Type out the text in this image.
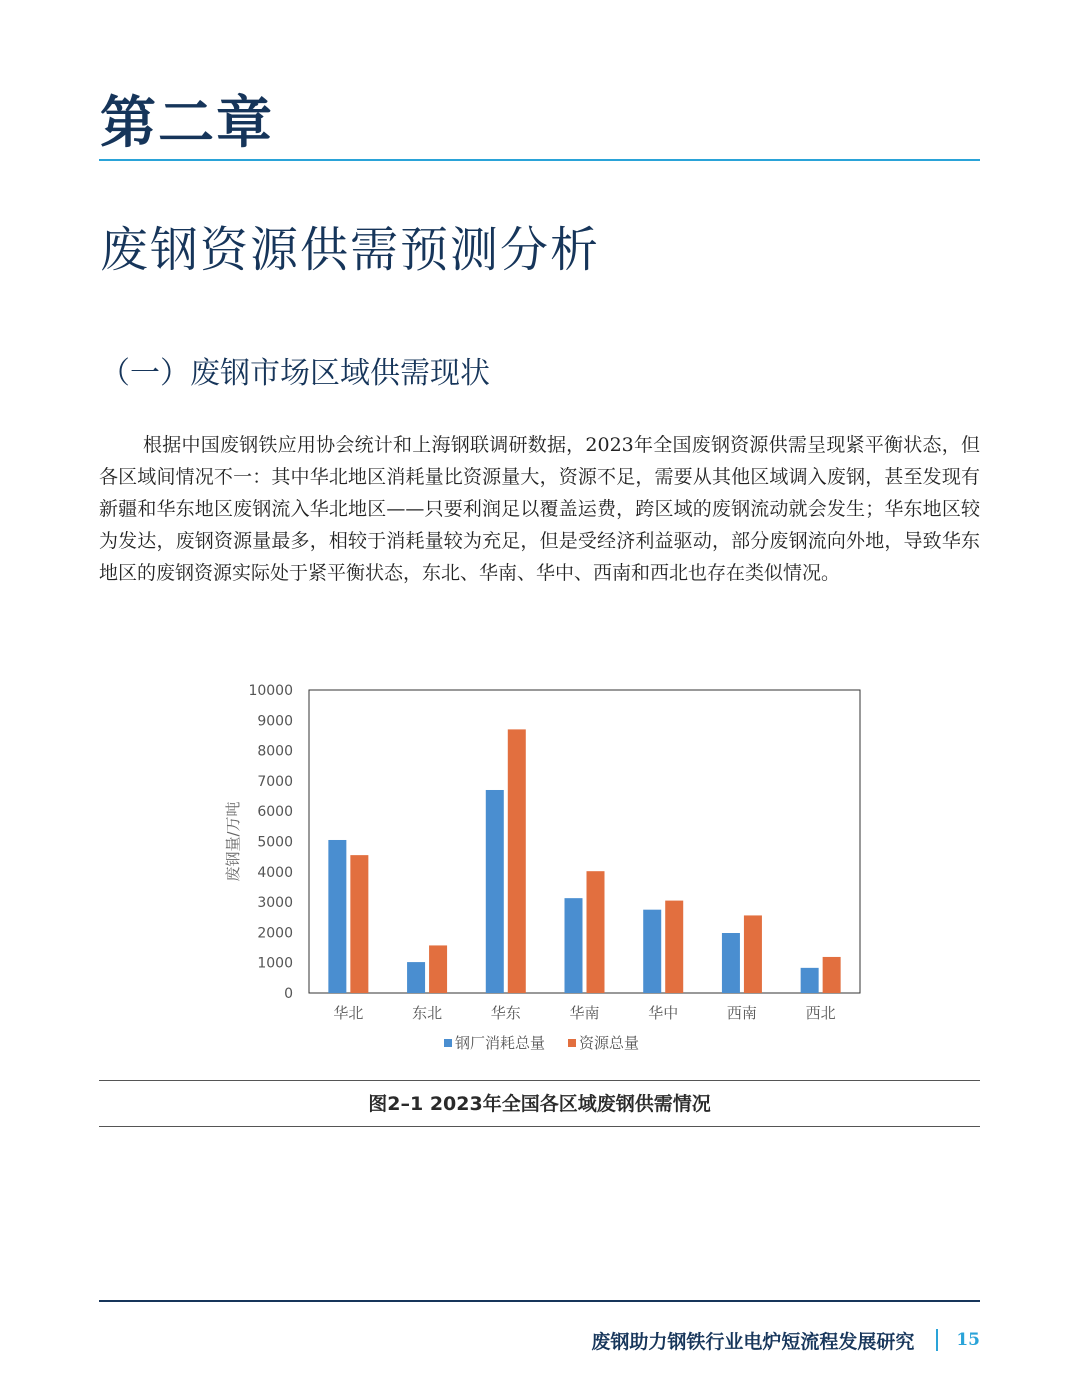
第二章
废钢资源供需预测分析
（一）废钢市场区域供需现状

根据中国废钢铁应用协会统计和上海钢联调研数据，2023年全国废钢资源供需呈现紧平衡状态，但各区域间情况不一：其中华北地区消耗量比资源量大，资源不足，需要从其他区域调入废钢，甚至发现有新疆和华东地区废钢流入华北地区——只要利润足以覆盖运费，跨区域的废钢流动就会发生；华东地区较为发达，废钢资源量最多，相较于消耗量较为充足，但是受经济利益驱动，部分废钢流向外地，导致华东地区的废钢资源实际处于紧平衡状态，东北、华南、华中、西南和西北也存在类似情况。

0
1000
2000
3000
4000
5000
6000
7000
8000
9000
10000
废钢量/万吨
华北	东北	华东	华南	华中	西南	西北
钢厂消耗总量 资源总量
图2–1 2023年全国各区域废钢供需情况
废钢助力钢铁行业电炉短流程发展研究 15
